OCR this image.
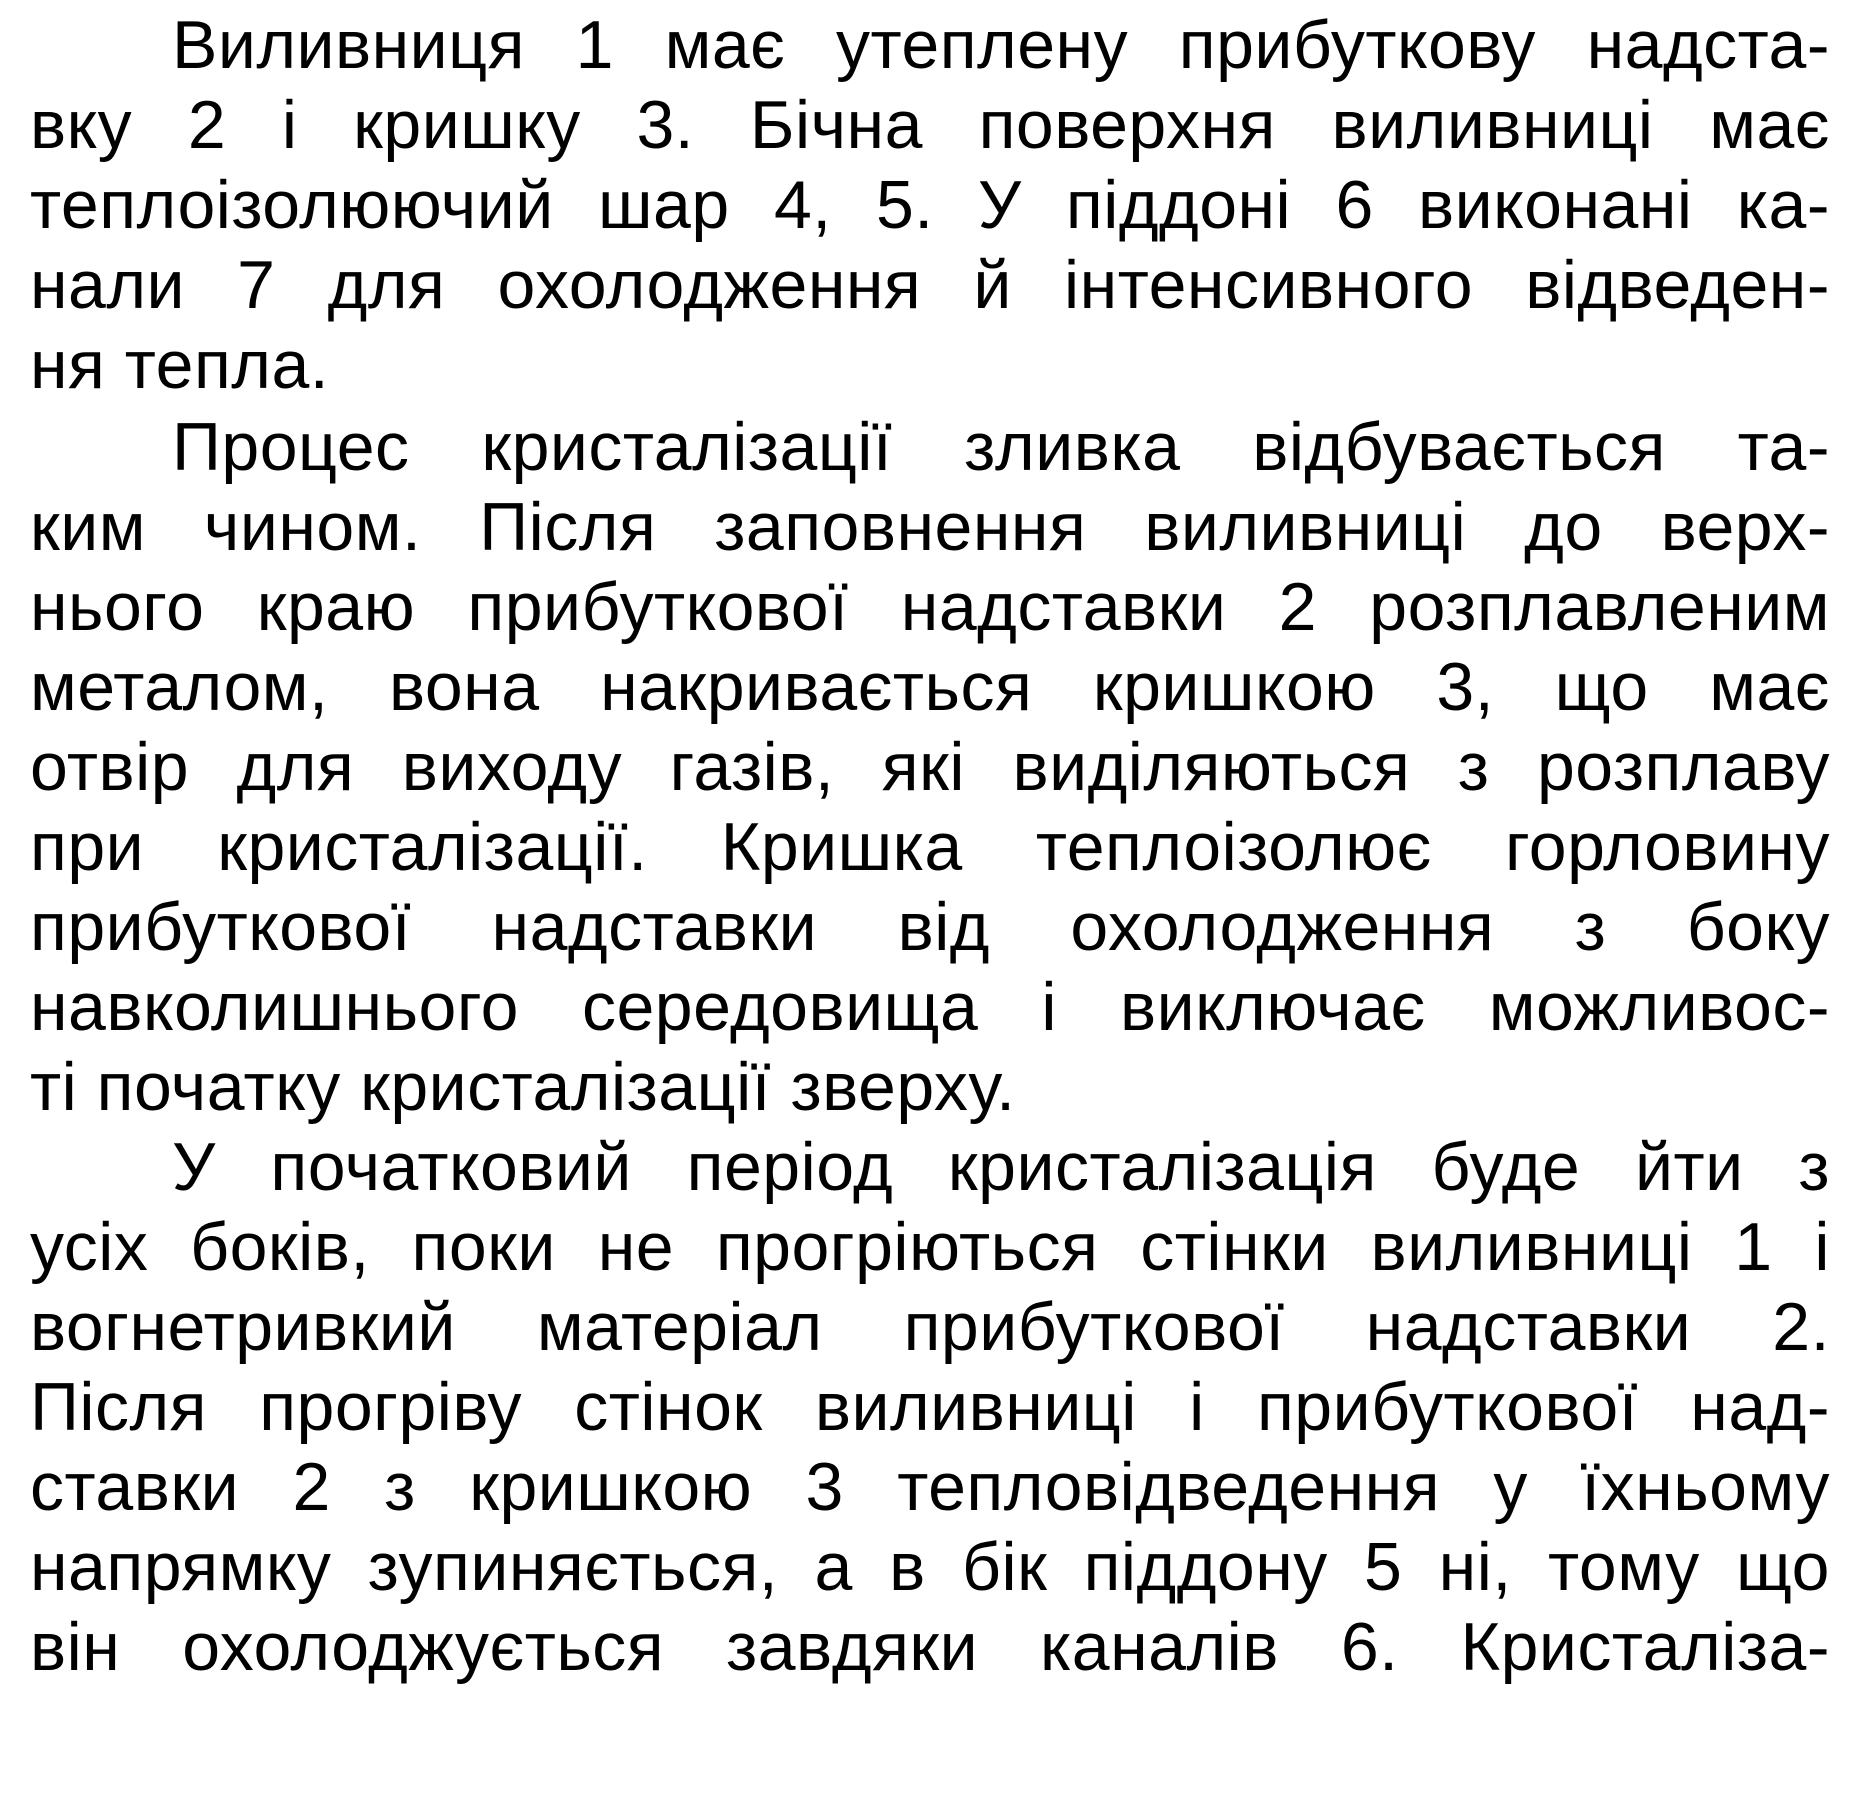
Виливниця 1 має утеплену прибуткову надста-
вку 2 і кришку 3. Бічна поверхня виливниці має
теплоізолюючий шар 4, 5. У піддоні 6 виконані ка-
нали 7 для охолодження й інтенсивного відведен-
ня тепла.
Процес кристалізації зливка відбувається та-
ким чином. Після заповнення виливниці до верх-
нього краю прибуткової надставки 2 розплавленим
металом, вона накривається кришкою 3, що має
отвір для виходу газів, які виділяються з розплаву
при кристалізації. Кришка теплоізолює горловину
прибуткової надставки від охолодження з боку
навколишнього середовища і виключає можливос-
ті початку кристалізації зверху.
У початковий період кристалізація буде йти з
усіх боків, поки не прогріються стінки виливниці 1 і
вогнетривкий матеріал прибуткової надставки 2.
Після прогріву стінок виливниці і прибуткової над-
ставки 2 з кришкою 3 тепловідведення у їхньому
напрямку зупиняється, а в бік піддону 5 ні, тому що
він охолоджується завдяки каналів 6. Кристаліза-
